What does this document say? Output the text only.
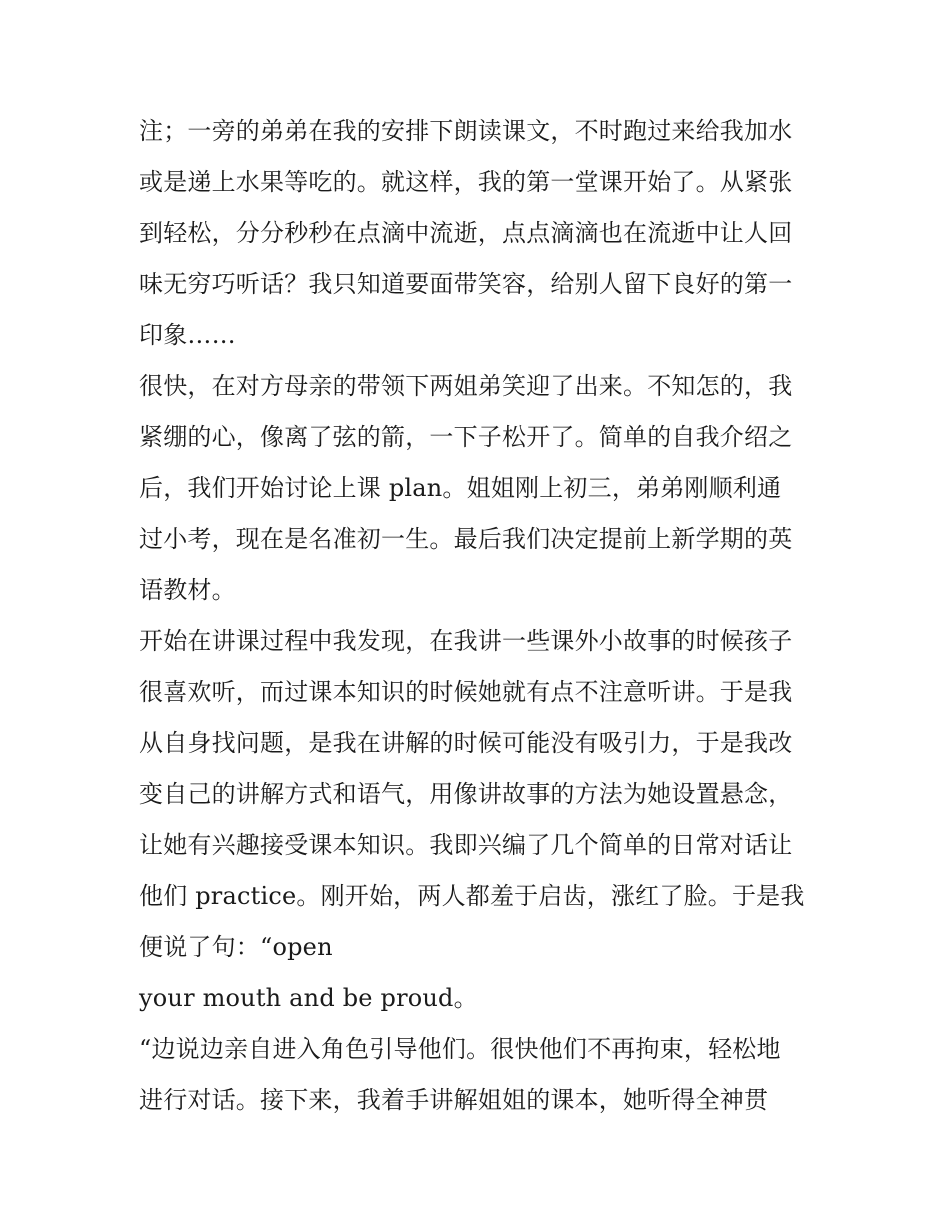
注；一旁的弟弟在我的安排下朗读课文，不时跑过来给我加水
或是递上水果等吃的。就这样，我的第一堂课开始了。从紧张
到轻松，分分秒秒在点滴中流逝，点点滴滴也在流逝中让人回
味无穷巧听话？我只知道要面带笑容，给别人留下良好的第一
印象……
很快，在对方母亲的带领下两姐弟笑迎了出来。不知怎的，我
紧绷的心，像离了弦的箭，一下子松开了。简单的自我介绍之
后，我们开始讨论上课 plan。姐姐刚上初三，弟弟刚顺利通
过小考，现在是名准初一生。最后我们决定提前上新学期的英
语教材。
开始在讲课过程中我发现，在我讲一些课外小故事的时候孩子
很喜欢听，而过课本知识的时候她就有点不注意听讲。于是我
从自身找问题，是我在讲解的时候可能没有吸引力，于是我改
变自己的讲解方式和语气，用像讲故事的方法为她设置悬念，
让她有兴趣接受课本知识。我即兴编了几个简单的日常对话让
他们 practice。刚开始，两人都羞于启齿，涨红了脸。于是我
便说了句：“open
your mouth and be proud。
“边说边亲自进入角色引导他们。很快他们不再拘束，轻松地
进行对话。接下来，我着手讲解姐姐的课本，她听得全神贯
